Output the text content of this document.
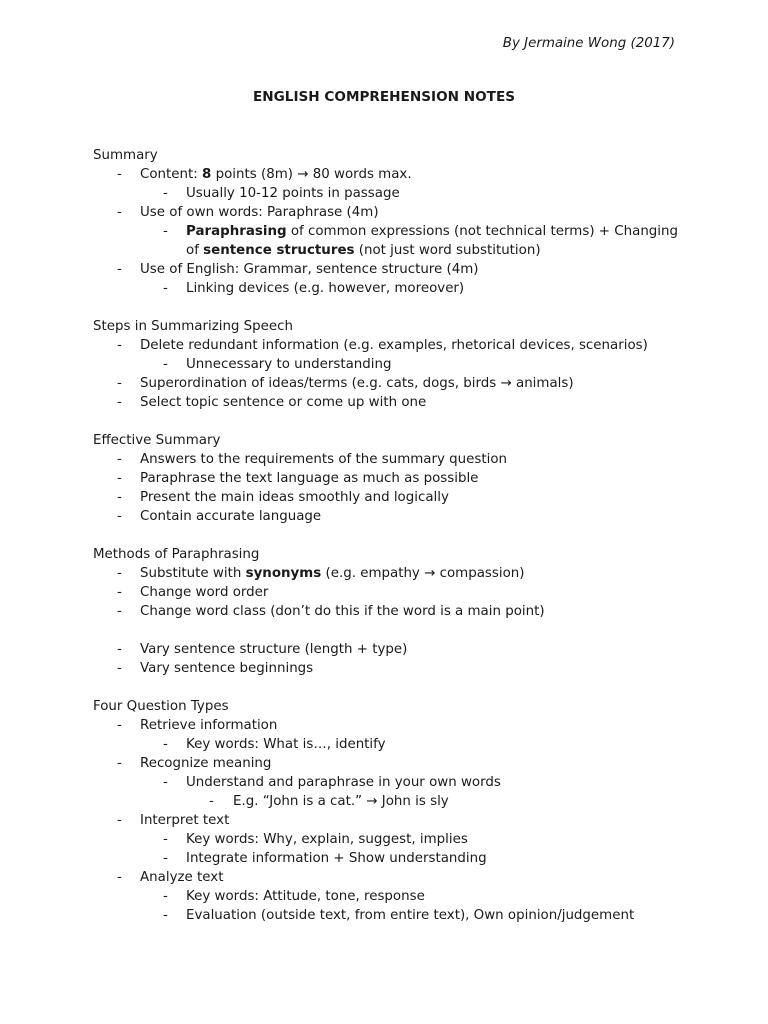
By Jermaine Wong (2017)
ENGLISH COMPREHENSION NOTES
Summary
- Content: 8 points (8m) → 80 words max.
- Usually 10-12 points in passage
- Use of own words: Paraphrase (4m)
- Paraphrasing of common expressions (not technical terms) + Changing of sentence structures (not just word substitution)
- Use of English: Grammar, sentence structure (4m)
- Linking devices (e.g. however, moreover)
Steps in Summarizing Speech
- Delete redundant information (e.g. examples, rhetorical devices, scenarios)
- Unnecessary to understanding
- Superordination of ideas/terms (e.g. cats, dogs, birds → animals)
- Select topic sentence or come up with one
Effective Summary
- Answers to the requirements of the summary question
- Paraphrase the text language as much as possible
- Present the main ideas smoothly and logically
- Contain accurate language
Methods of Paraphrasing
- Substitute with synonyms (e.g. empathy → compassion)
- Change word order
- Change word class (don’t do this if the word is a main point)
- Vary sentence structure (length + type)
- Vary sentence beginnings
Four Question Types
- Retrieve information
- Key words: What is…, identify
- Recognize meaning
- Understand and paraphrase in your own words
- E.g. “John is a cat.” → John is sly
- Interpret text
- Key words: Why, explain, suggest, implies
- Integrate information + Show understanding
- Analyze text
- Key words: Attitude, tone, response
- Evaluation (outside text, from entire text), Own opinion/judgement
